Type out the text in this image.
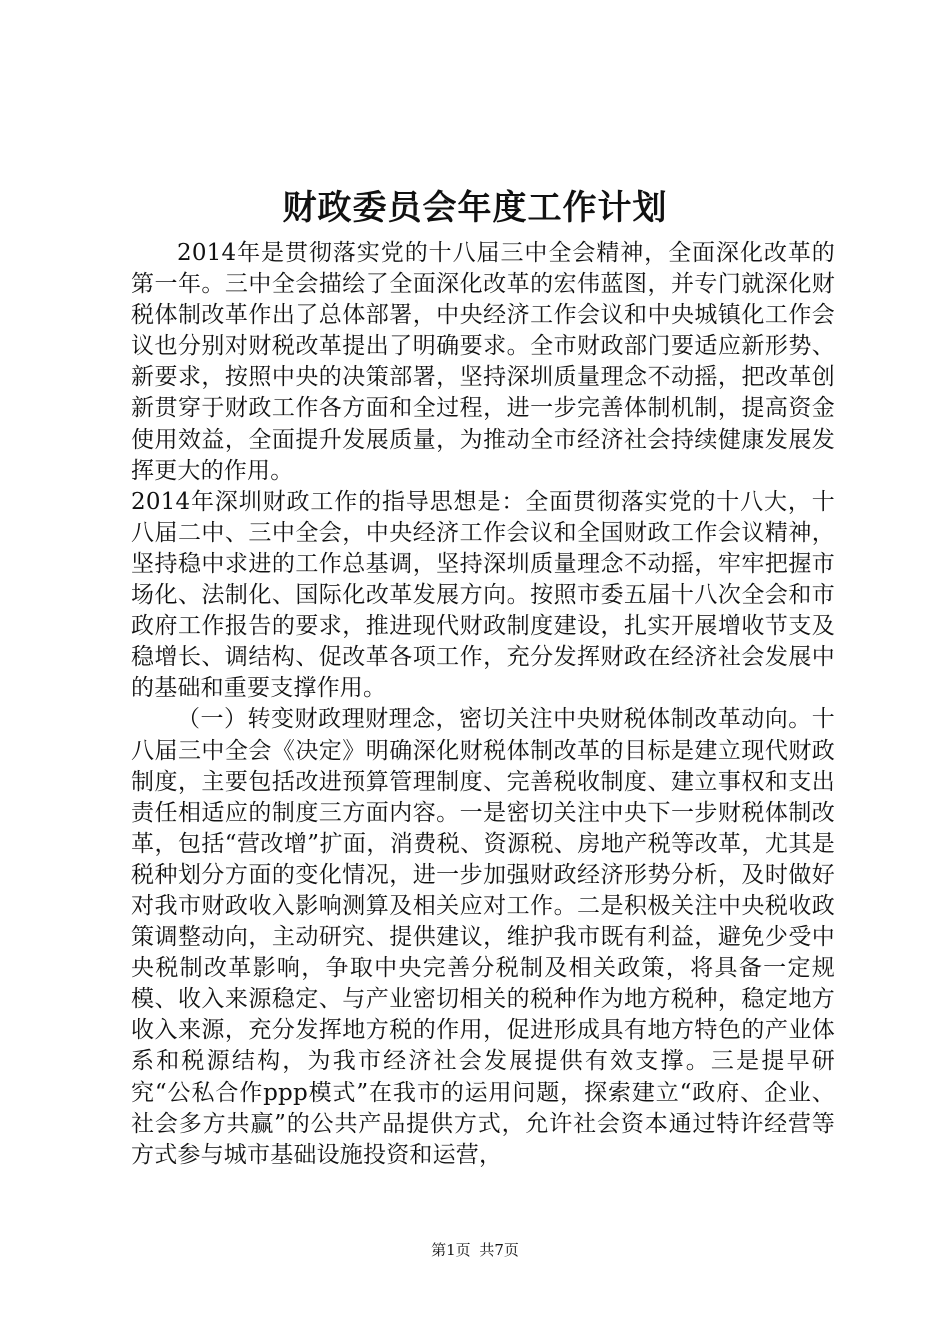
财政委员会年度工作计划

2014年是贯彻落实党的十八届三中全会精神，全面深化改革的第一年。三中全会描绘了全面深化改革的宏伟蓝图，并专门就深化财税体制改革作出了总体部署，中央经济工作会议和中央城镇化工作会议也分别对财税改革提出了明确要求。全市财政部门要适应新形势、新要求，按照中央的决策部署，坚持深圳质量理念不动摇，把改革创新贯穿于财政工作各方面和全过程，进一步完善体制机制，提高资金使用效益，全面提升发展质量，为推动全市经济社会持续健康发展发挥更大的作用。

2014年深圳财政工作的指导思想是：全面贯彻落实党的十八大，十八届二中、三中全会，中央经济工作会议和全国财政工作会议精神，坚持稳中求进的工作总基调，坚持深圳质量理念不动摇，牢牢把握市场化、法制化、国际化改革发展方向。按照市委五届十八次全会和市政府工作报告的要求，推进现代财政制度建设，扎实开展增收节支及稳增长、调结构、促改革各项工作，充分发挥财政在经济社会发展中的基础和重要支撑作用。

（一）转变财政理财理念，密切关注中央财税体制改革动向。十八届三中全会《决定》明确深化财税体制改革的目标是建立现代财政制度，主要包括改进预算管理制度、完善税收制度、建立事权和支出责任相适应的制度三方面内容。一是密切关注中央下一步财税体制改革，包括“营改增”扩面，消费税、资源税、房地产税等改革，尤其是税种划分方面的变化情况，进一步加强财政经济形势分析，及时做好对我市财政收入影响测算及相关应对工作。二是积极关注中央税收政策调整动向，主动研究、提供建议，维护我市既有利益，避免少受中央税制改革影响，争取中央完善分税制及相关政策，将具备一定规模、收入来源稳定、与产业密切相关的税种作为地方税种，稳定地方收入来源，充分发挥地方税的作用，促进形成具有地方特色的产业体系和税源结构，为我市经济社会发展提供有效支撑。三是提早研究“公私合作ppp模式”在我市的运用问题，探索建立“政府、企业、社会多方共赢”的公共产品提供方式，允许社会资本通过特许经营等方式参与城市基础设施投资和运营，

第1页 共7页
